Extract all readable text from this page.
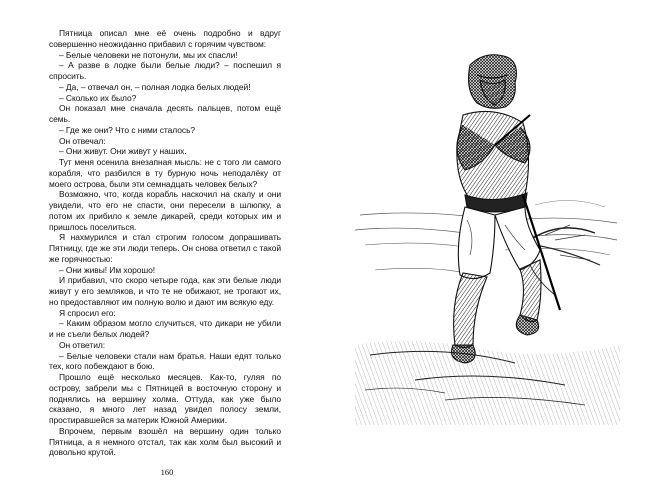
Пятница описал мне её очень подробно и вдруг совершенно неожиданно прибавил с горячим чувством:

– Белые человеки не потонули, мы их спасли!

– А разве в лодке были белые люди? – поспешил я спросить.

– Да, – отвечал он, – полная лодка белых людей!

– Сколько их было?

Он показал мне сначала десять пальцев, потом ещё семь.

– Где же они? Что с ними сталось?

Он отвечал:

– Они живут. Они живут у наших.

Тут меня осенила внезапная мысль: не с того ли самого корабля, что разбился в ту бурную ночь неподалёку от моего острова, были эти семнадцать человек белых?

Возможно, что, когда корабль наскочил на скалу и они увидели, что его не спасти, они пересели в шлюпку, а потом их прибило к земле дикарей, среди которых им и пришлось поселиться.

Я нахмурился и стал строгим голосом допрашивать Пятницу, где же эти люди теперь. Он снова ответил с такой же горячностью:

– Они живы! Им хорошо!

И прибавил, что скоро четыре года, как эти белые люди живут у его земляков, и что те не обижают, не трогают их, но предоставляют им полную волю и дают им всякую еду.

Я спросил его:

– Каким образом могло случиться, что дикари не убили и не съели белых людей?

Он ответил:

– Белые человеки стали нам братья. Наши едят только тех, кого побеждают в бою.

Прошло ещё несколько месяцев. Как-то, гуляя по острову, забрели мы с Пятницей в восточную сторону и поднялись на вершину холма. Оттуда, как уже было сказано, я много лет назад увидел полосу земли, простиравшейся за материк Южной Америки.

Впрочем, первым взошёл на вершину один только Пятница, а я немного отстал, так как холм был высокий и довольно крутой.

160
